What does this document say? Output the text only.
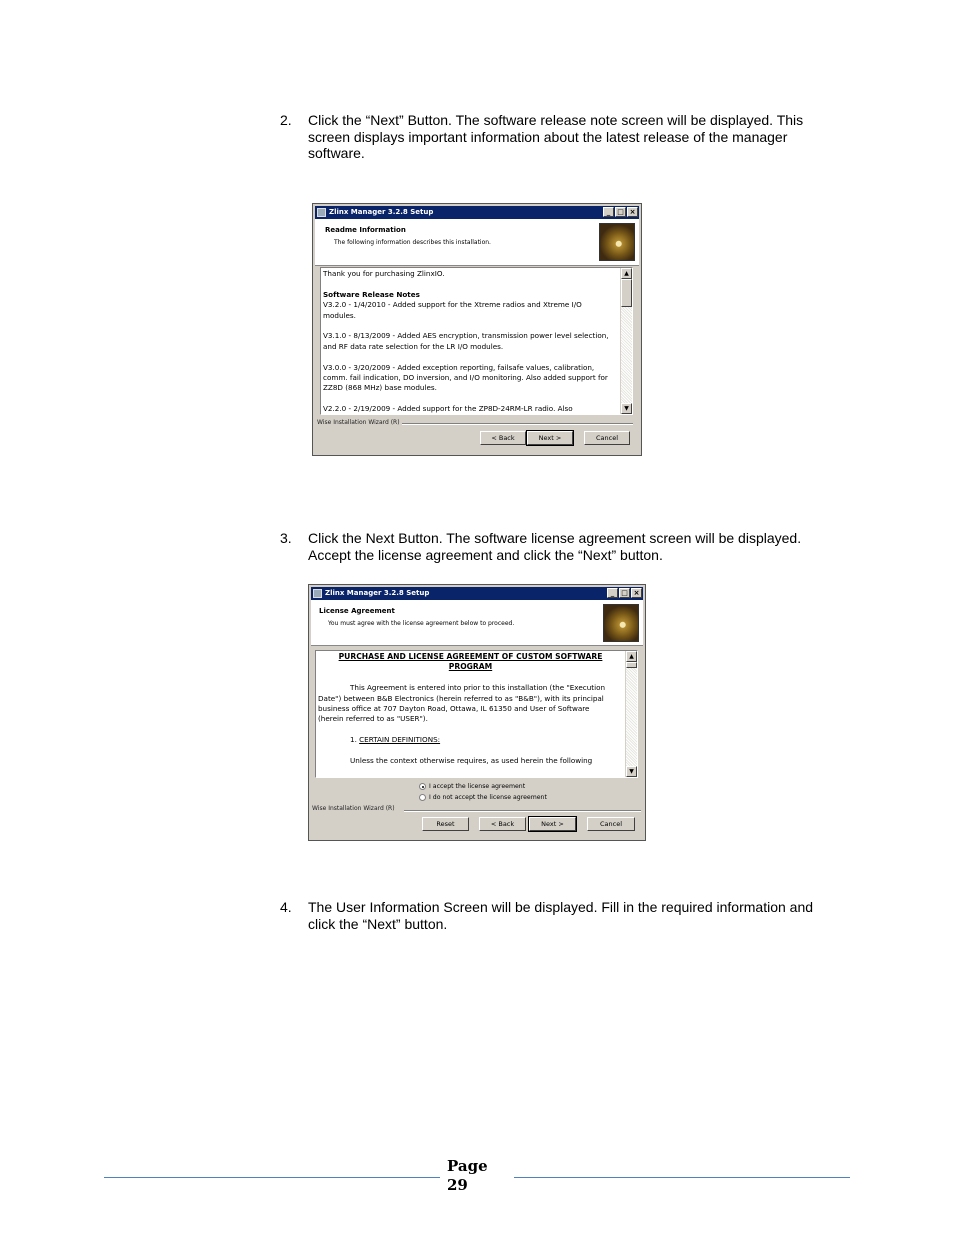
2. Click the “Next” Button. The software release note screen will be displayed. This screen displays important information about the latest release of the manager software.
Zlinx Manager 3.2.8 Setup	_ □ ×
Readme Information
The following information describes this installation.

Thank you for purchasing ZlinxIO.

Software Release Notes

V3.2.0 - 1/4/2010 - Added support for the Xtreme radios and Xtreme I/O

modules.

V3.1.0 - 8/13/2009 - Added AES encryption, transmission power level selection,

and RF data rate selection for the LR I/O modules.

V3.0.0 - 3/20/2009 - Added exception reporting, failsafe values, calibration,

comm. fail indication, DO inversion, and I/O monitoring. Also added support for

ZZ8D (868 MHz) base modules.

V2.2.0 - 2/19/2009 - Added support for the ZP8D-24RM-LR radio. Also

▲
▼
Wise Installation Wizard (R)
< Back	Next >	Cancel
3. Click the Next Button. The software license agreement screen will be displayed. Accept the license agreement and click the “Next” button.
Zlinx Manager 3.2.8 Setup	_ □ ×
License Agreement
You must agree with the license agreement below to proceed.

PURCHASE AND LICENSE AGREEMENT OF CUSTOM SOFTWARE

PROGRAM

This Agreement is entered into prior to this installation (the "Execution

Date") between B&B Electronics (herein referred to as "B&B"), with its principal

business office at 707 Dayton Road, Ottawa, IL 61350 and User of Software

(herein referred to as "USER").

1. CERTAIN DEFINITIONS:

Unless the context otherwise requires, as used herein the following

▲
▼
I accept the license agreement
I do not accept the license agreement
Wise Installation Wizard (R)
Reset	< Back	Next >	Cancel
4. The User Information Screen will be displayed. Fill in the required information and click the “Next” button.
Page
29
